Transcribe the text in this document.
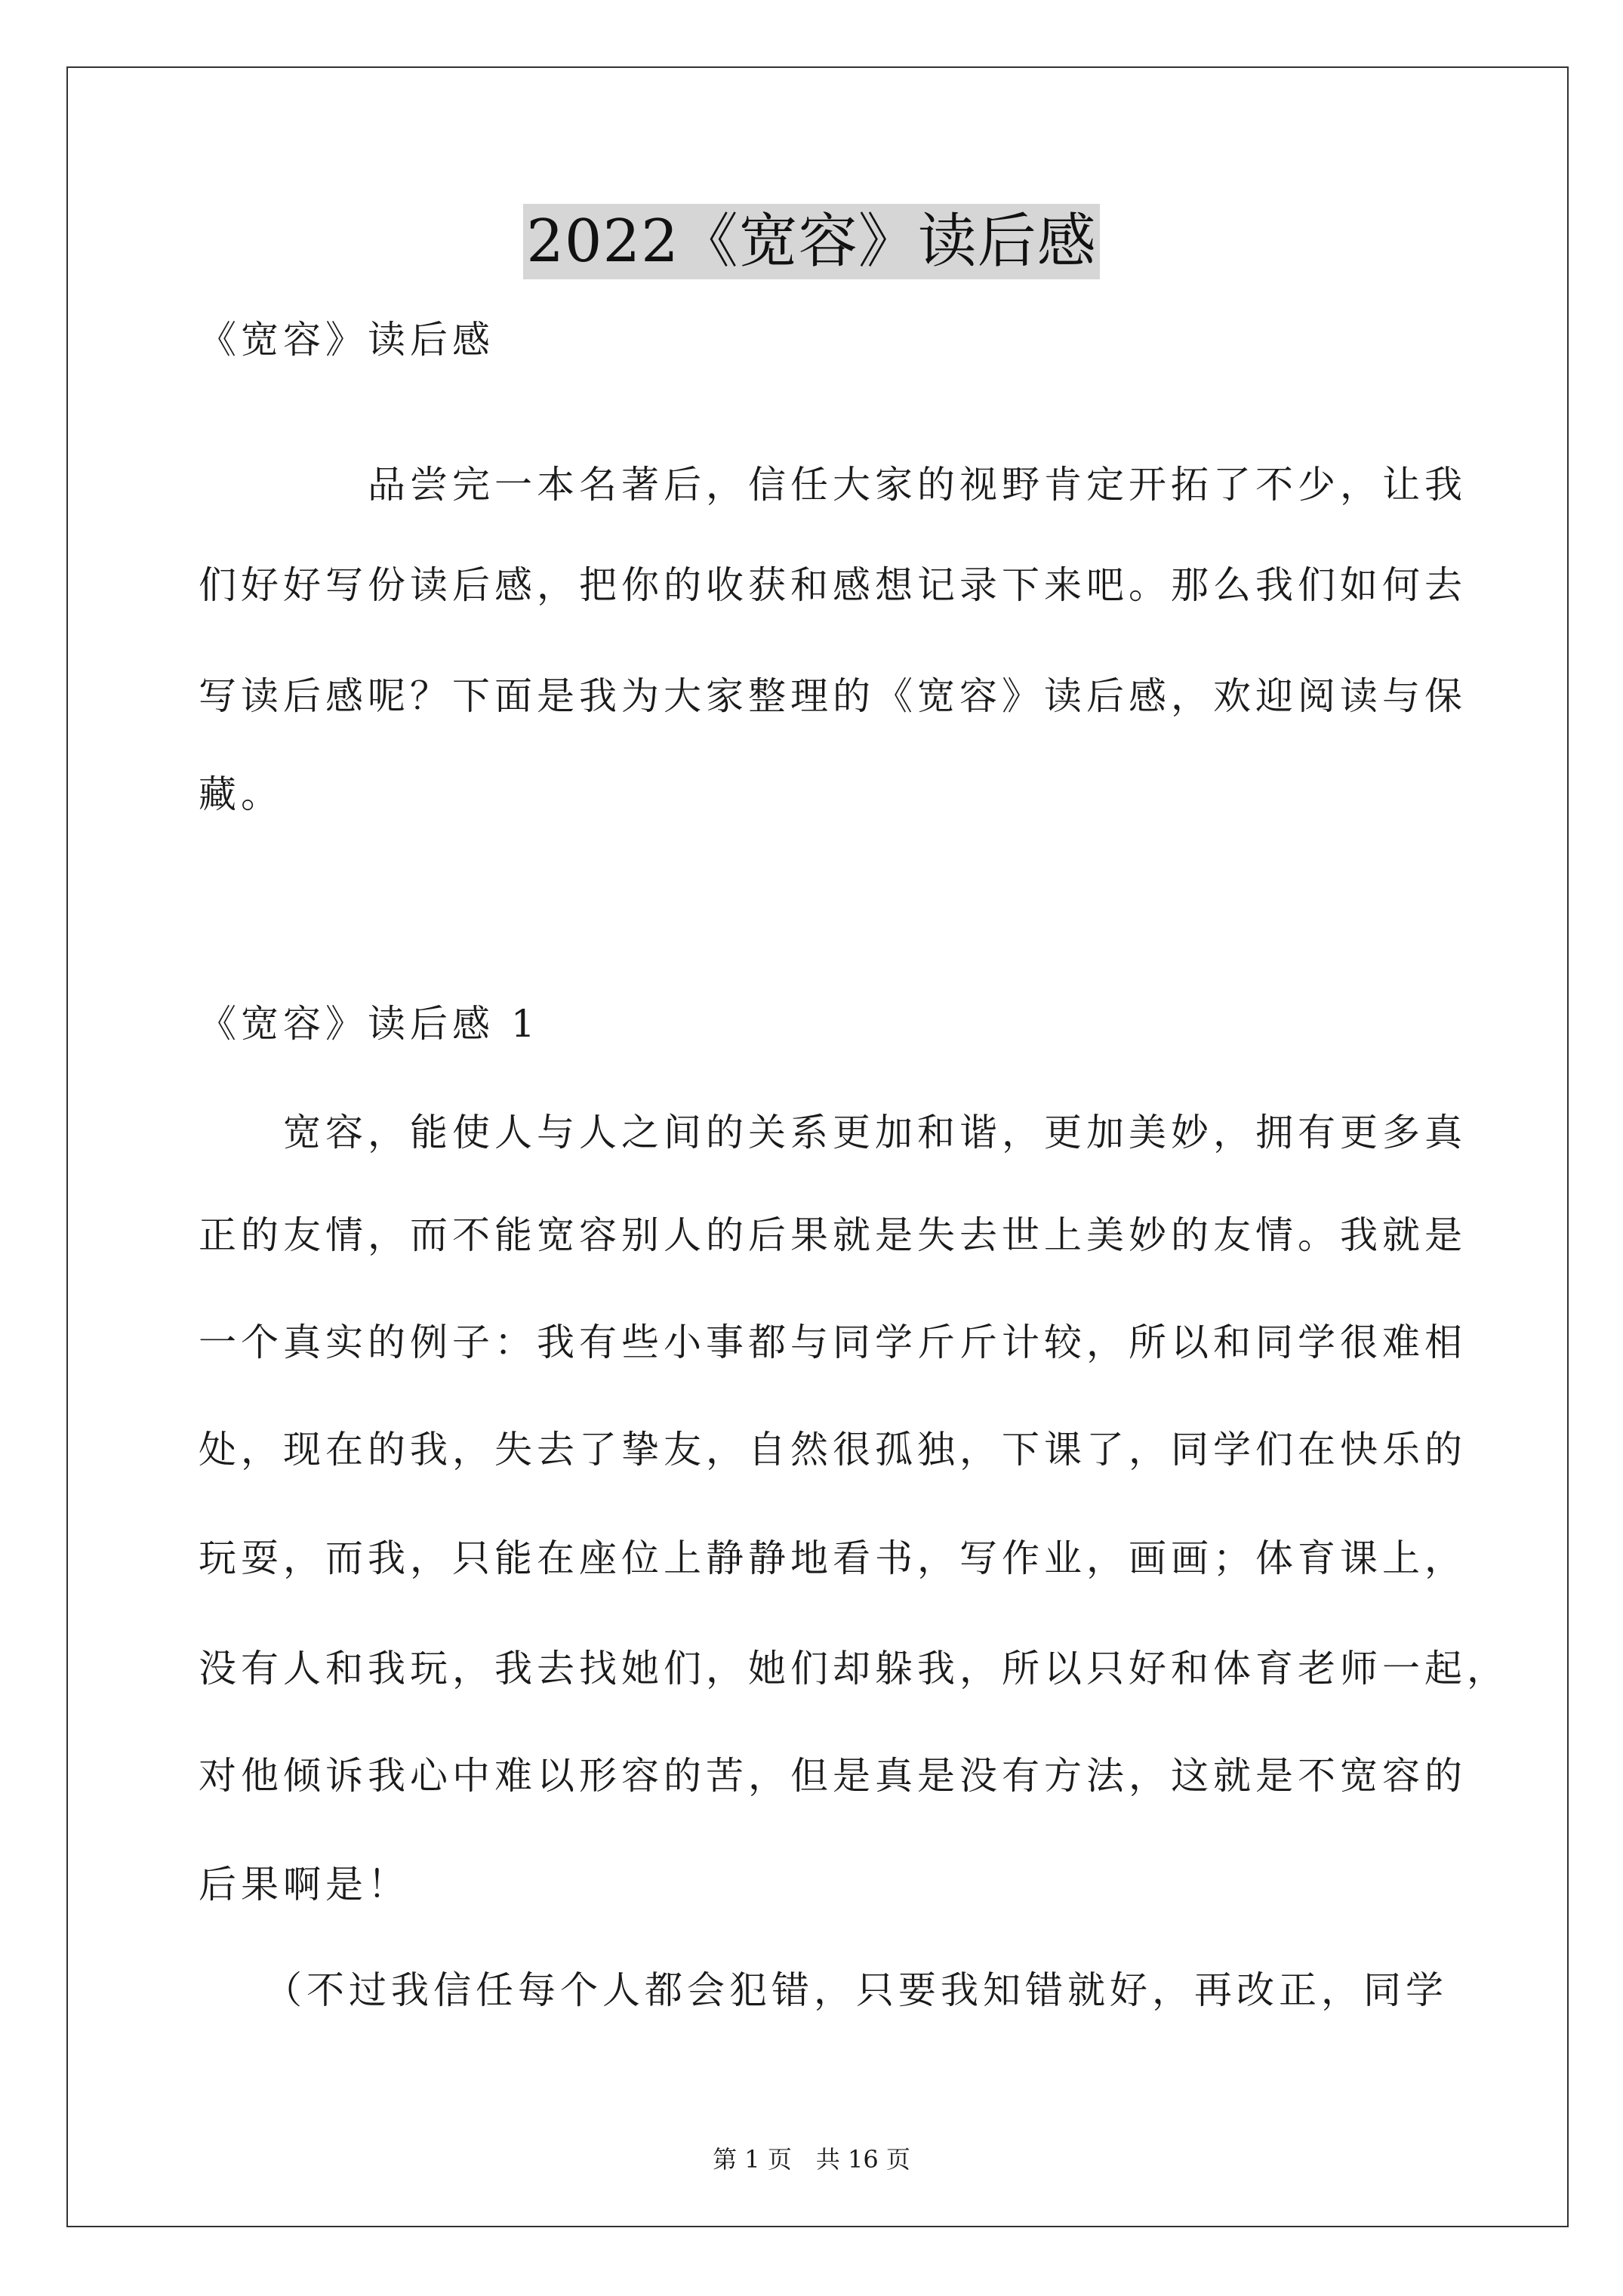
2022《宽容》读后感
《宽容》读后感
　　　　品尝完一本名著后，信任大家的视野肯定开拓了不少，让我
们好好写份读后感，把你的收获和感想记录下来吧。那么我们如何去
写读后感呢？下面是我为大家整理的《宽容》读后感，欢迎阅读与保
藏。
《宽容》读后感 1
　　宽容，能使人与人之间的关系更加和谐，更加美妙，拥有更多真
正的友情，而不能宽容别人的后果就是失去世上美妙的友情。我就是
一个真实的例子：我有些小事都与同学斤斤计较，所以和同学很难相
处，现在的我，失去了挚友，自然很孤独，下课了，同学们在快乐的
玩耍，而我，只能在座位上静静地看书，写作业，画画；体育课上，
没有人和我玩，我去找她们，她们却躲我，所以只好和体育老师一起，
对他倾诉我心中难以形容的苦，但是真是没有方法，这就是不宽容的
后果啊是！
　　（不过我信任每个人都会犯错，只要我知错就好，再改正，同学
第 1 页　共 16 页
